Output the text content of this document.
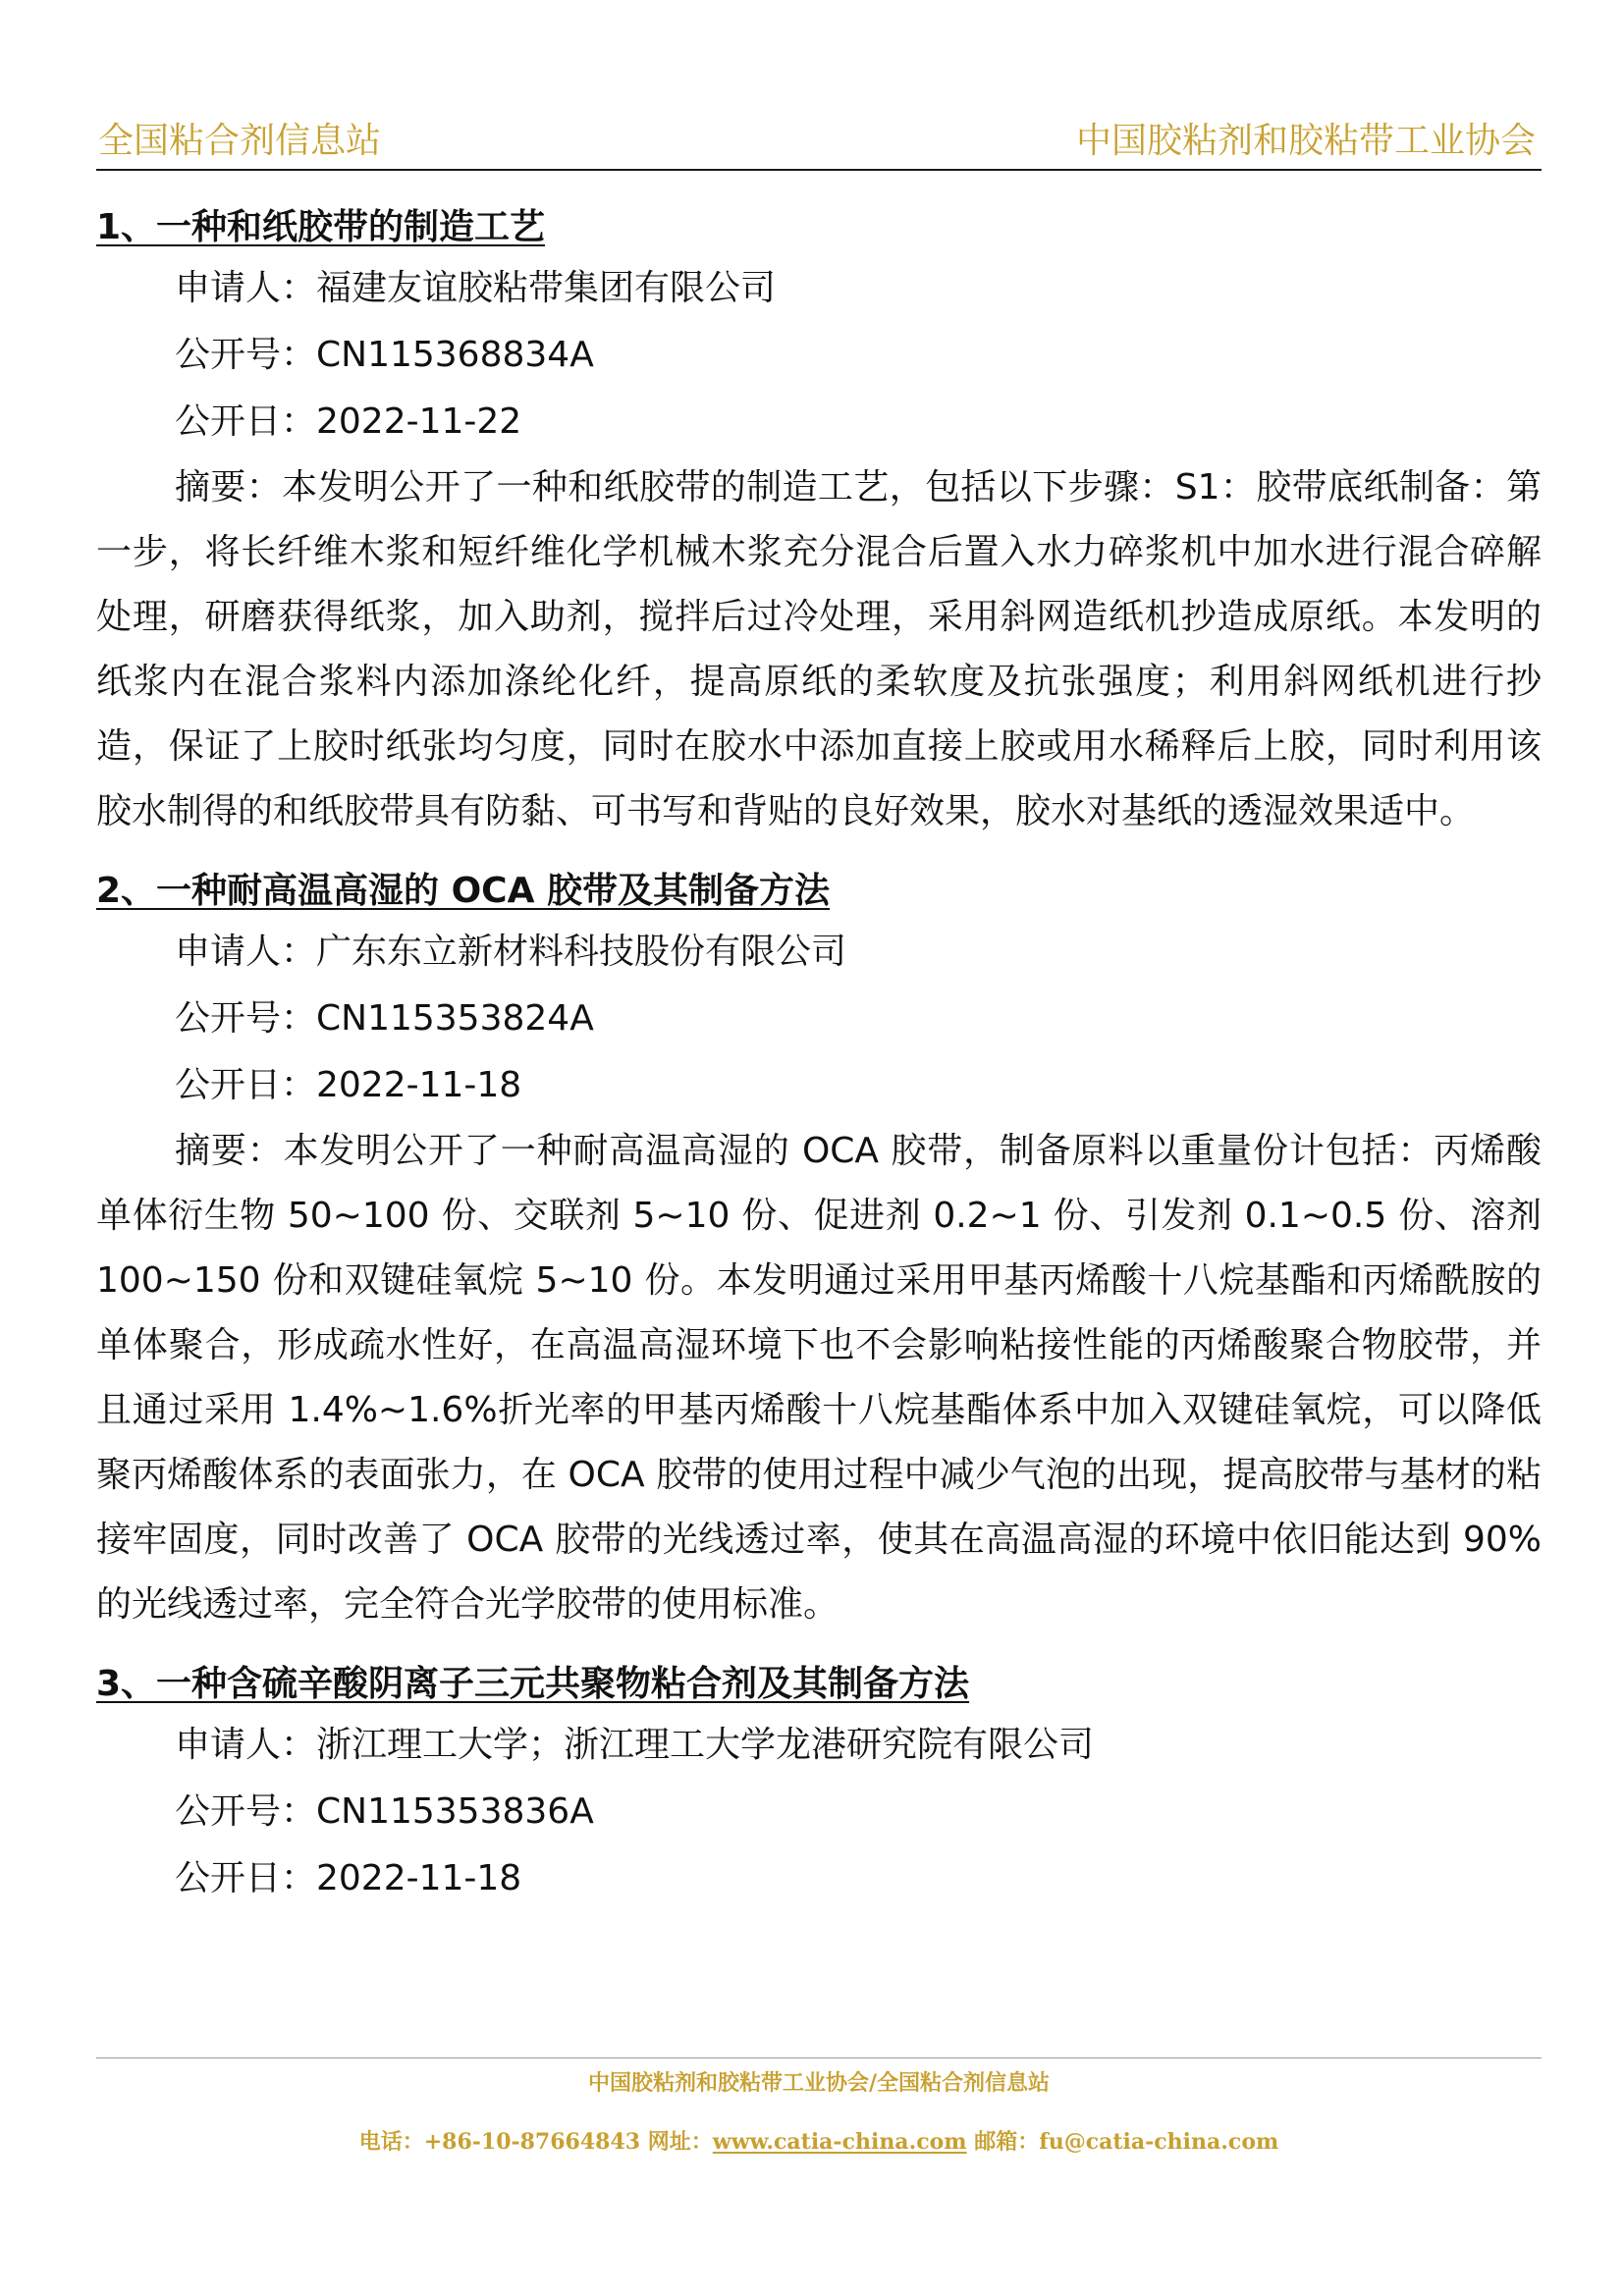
全国粘合剂信息站	中国胶粘剂和胶粘带工业协会
1、一种和纸胶带的制造工艺
申请人：福建友谊胶粘带集团有限公司
公开号：CN115368834A
公开日：2022-11-22

摘要：本发明公开了一种和纸胶带的制造工艺，包括以下步骤：S1：胶带底纸制备：第一步，将长纤维木浆和短纤维化学机械木浆充分混合后置入水力碎浆机中加水进行混合碎解处理，研磨获得纸浆，加入助剂，搅拌后过冷处理，采用斜网造纸机抄造成原纸。本发明的纸浆内在混合浆料内添加涤纶化纤，提高原纸的柔软度及抗张强度；利用斜网纸机进行抄造，保证了上胶时纸张均匀度，同时在胶水中添加直接上胶或用水稀释后上胶，同时利用该胶水制得的和纸胶带具有防黏、可书写和背贴的良好效果，胶水对基纸的透湿效果适中。

2、一种耐高温高湿的 OCA 胶带及其制备方法
申请人：广东东立新材料科技股份有限公司
公开号：CN115353824A
公开日：2022-11-18

摘要：本发明公开了一种耐高温高湿的 OCA 胶带，制备原料以重量份计包括：丙烯酸单体衍生物 50~100 份、交联剂 5~10 份、促进剂 0.2~1 份、引发剂 0.1~0.5 份、溶剂 100~150 份和双键硅氧烷 5~10 份。本发明通过采用甲基丙烯酸十八烷基酯和丙烯酰胺的单体聚合，形成疏水性好，在高温高湿环境下也不会影响粘接性能的丙烯酸聚合物胶带，并且通过采用 1.4%~1.6%折光率的甲基丙烯酸十八烷基酯体系中加入双键硅氧烷，可以降低聚丙烯酸体系的表面张力，在 OCA 胶带的使用过程中减少气泡的出现，提高胶带与基材的粘接牢固度，同时改善了 OCA 胶带的光线透过率，使其在高温高湿的环境中依旧能达到 90%的光线透过率，完全符合光学胶带的使用标准。

3、一种含硫辛酸阴离子三元共聚物粘合剂及其制备方法
申请人：浙江理工大学；浙江理工大学龙港研究院有限公司
公开号：CN115353836A
公开日：2022-11-18
中国胶粘剂和胶粘带工业协会/全国粘合剂信息站
电话：+86-10-87664843 网址：www.catia-china.com 邮箱：fu@catia-china.com
